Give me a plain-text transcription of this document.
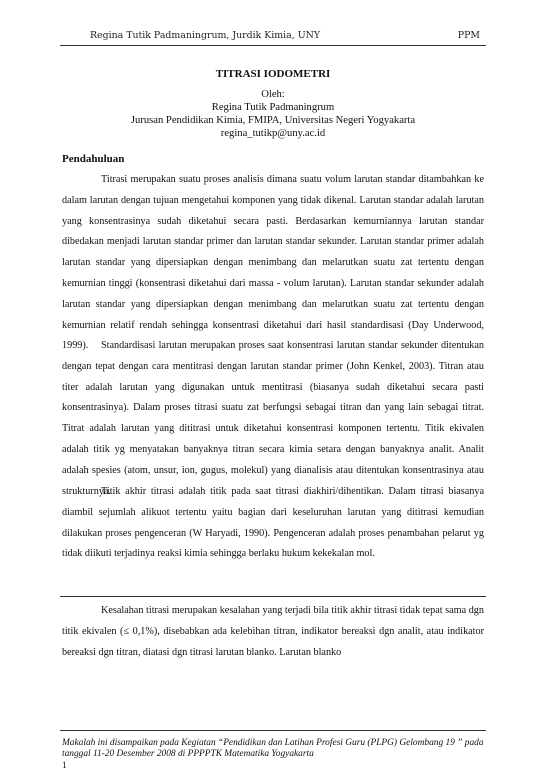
Regina Tutik Padmaningrum, Jurdik Kimia, UNY	PPM
TITRASI IODOMETRI
Oleh:
Regina Tutik Padmaningrum
Jurusan Pendidikan Kimia, FMIPA, Universitas Negeri Yogyakarta
regina_tutikp@uny.ac.id
Pendahuluan

Titrasi merupakan suatu proses analisis dimana suatu volum larutan standar ditambahkan ke dalam larutan dengan tujuan mengetahui komponen yang tidak dikenal. Larutan standar adalah larutan yang konsentrasinya sudah diketahui secara pasti. Berdasarkan kemurniannya larutan standar dibedakan menjadi larutan standar primer dan larutan standar sekunder. Larutan standar primer adalah larutan standar yang dipersiapkan dengan menimbang dan melarutkan suatu zat tertentu dengan kemurnian tinggi (konsentrasi diketahui dari massa - volum larutan). Larutan standar sekunder adalah larutan standar yang dipersiapkan dengan menimbang dan melarutkan suatu zat tertentu dengan kemurnian relatif rendah sehingga konsentrasi diketahui dari hasil standardisasi (Day Underwood, 1999).	Standardisasi larutan merupakan proses saat konsentrasi larutan standar sekunder ditentukan dengan tepat dengan cara mentitrasi dengan larutan standar primer (John Kenkel, 2003). Titran atau titer adalah larutan yang digunakan untuk mentitrasi (biasanya sudah diketahui secara pasti konsentrasinya). Dalam proses titrasi suatu zat berfungsi sebagai titran dan yang lain sebagai titrat. Titrat adalah larutan yang dititrasi untuk diketahui konsentrasi komponen tertentu. Titik ekivalen adalah titik yg menyatakan banyaknya titran secara kimia setara dengan banyaknya analit. Analit adalah spesies (atom, unsur, ion, gugus, molekul) yang dianalisis atau ditentukan konsentrasinya atau strukturnya.

Titik akhir titrasi adalah titik pada saat titrasi diakhiri/dihentikan. Dalam titrasi biasanya diambil sejumlah alikuot tertentu yaitu bagian dari keseluruhan larutan yang dititrasi kemudian dilakukan proses pengenceran (W Haryadi, 1990). Pengenceran adalah proses penambahan pelarut yg tidak diikuti terjadinya reaksi kimia sehingga berlaku hukum kekekalan mol.

Kesalahan titrasi merupakan kesalahan yang terjadi bila titik akhir titrasi tidak tepat sama dgn titik ekivalen (≤ 0,1%), disebabkan ada kelebihan titran, indikator bereaksi dgn analit, atau indikator bereaksi dgn titran, diatasi dgn titrasi larutan blanko. Larutan blanko

Makalah ini disampaikan pada Kegiatan “Pendidikan dan Latihan Profesi Guru (PLPG) Gelombang 19 ” pada tanggal 11-20 Desember 2008 di PPPPTK Matematika Yogyakarta
1
